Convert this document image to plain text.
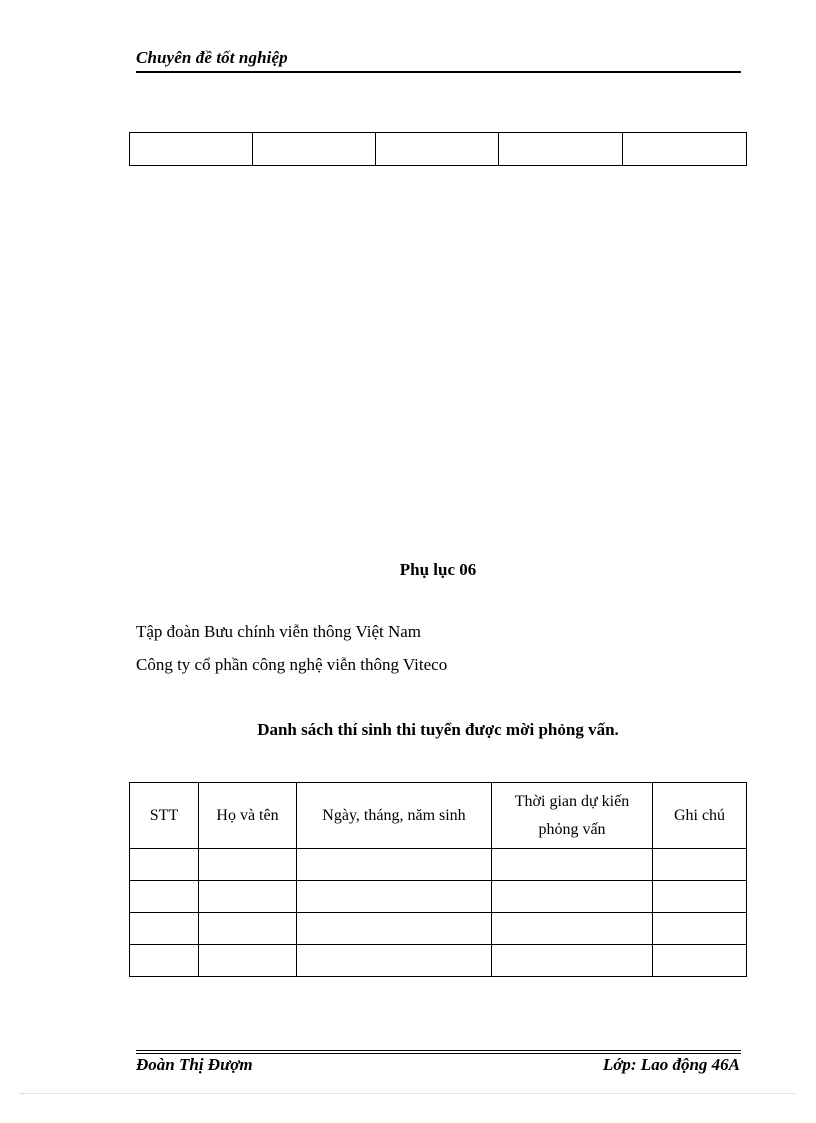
Chuyên đề tốt nghiệp

Phụ lục 06
Tập đoàn Bưu chính viễn thông Việt Nam
Công ty cổ phần công nghệ viễn thông Viteco
Danh sách thí sinh thi tuyển được mời phỏng vấn.
STT	Họ và tên	Ngày, tháng, năm sinh	Thời gian dự kiến phỏng vấn	Ghi chú

Đoàn Thị Đượm	Lớp: Lao động 46A
